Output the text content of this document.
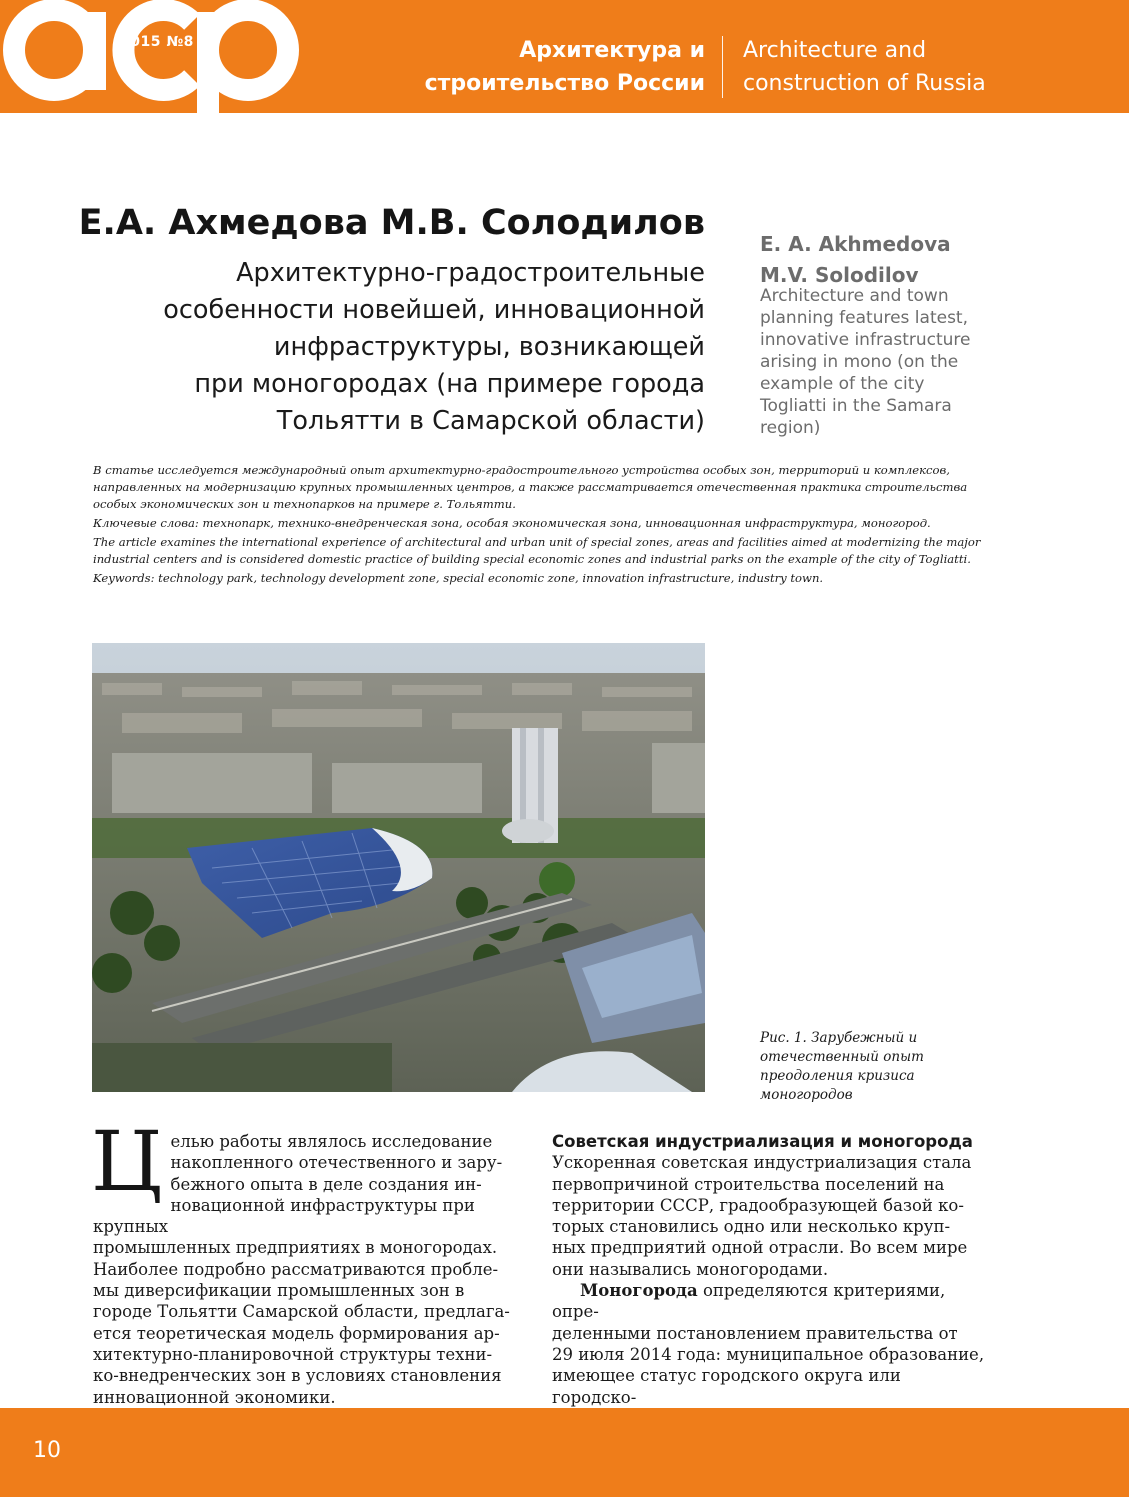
2015 №8	Архитектура и
строительство России
Architecture and
construction of Russia
Е.А. Ахмедова М.В. Солодилов
Архитектурно-градостроительные
особенности новейшей, инновационной
инфраструктуры, возникающей
при моногородах (на примере города
Тольятти в Самарской области)
E. A. Akhmedova
M.V. Solodilov
Architecture and town
planning features latest,
innovative infrastructure
arising in mono (on the
example of the city
Togliatti in the Samara
region)

В статье исследуется международный опыт архитектурно-градостроительного устройства особых зон, территорий и комплексов, направленных на модернизацию крупных промышленных центров, а также рассматривается отечественная практика строительства особых экономических зон и технопарков на примере г. Тольятти.

Ключевые слова: технопарк, технико-внедренческая зона, особая экономическая зона, инновационная инфраструктура, моногород.

The article examines the international experience of architectural and urban unit of special zones, areas and facilities aimed at modernizing the major industrial centers and is considered domestic practice of building special economic zones and industrial parks on the example of the city of Togliatti.

Keywords: technology park, technology development zone, special economic zone, innovation infrastructure, industry town.

Рис. 1. Зарубежный и
отечественный опыт
преодоления кризиса
моногородов
Ц елью работы являлось исследование
накопленного отечественного и зару-
бежного опыта в деле создания ин-
новационной инфраструктуры при крупных
промышленных предприятиях в моногородах.
Наиболее подробно рассматриваются пробле-
мы диверсификации промышленных зон в
городе Тольятти Самарской области, предлага-
ется теоретическая модель формирования ар-
хитектурно-планировочной структуры техни-
ко-внедренческих зон в условиях становления
инновационной экономики.
Советская индустриализация и моногорода
Ускоренная советская индустриализация стала
первопричиной строительства поселений на
территории СССР, градообразующей базой ко-
торых становились одно или несколько круп-
ных предприятий одной отрасли. Во всем мире
они назывались моногородами.
Моногорода определяются критериями, опре-
деленными постановлением правительства от
29 июля 2014 года: муниципальное образование,
имеющее статус городского округа или городско-
10
